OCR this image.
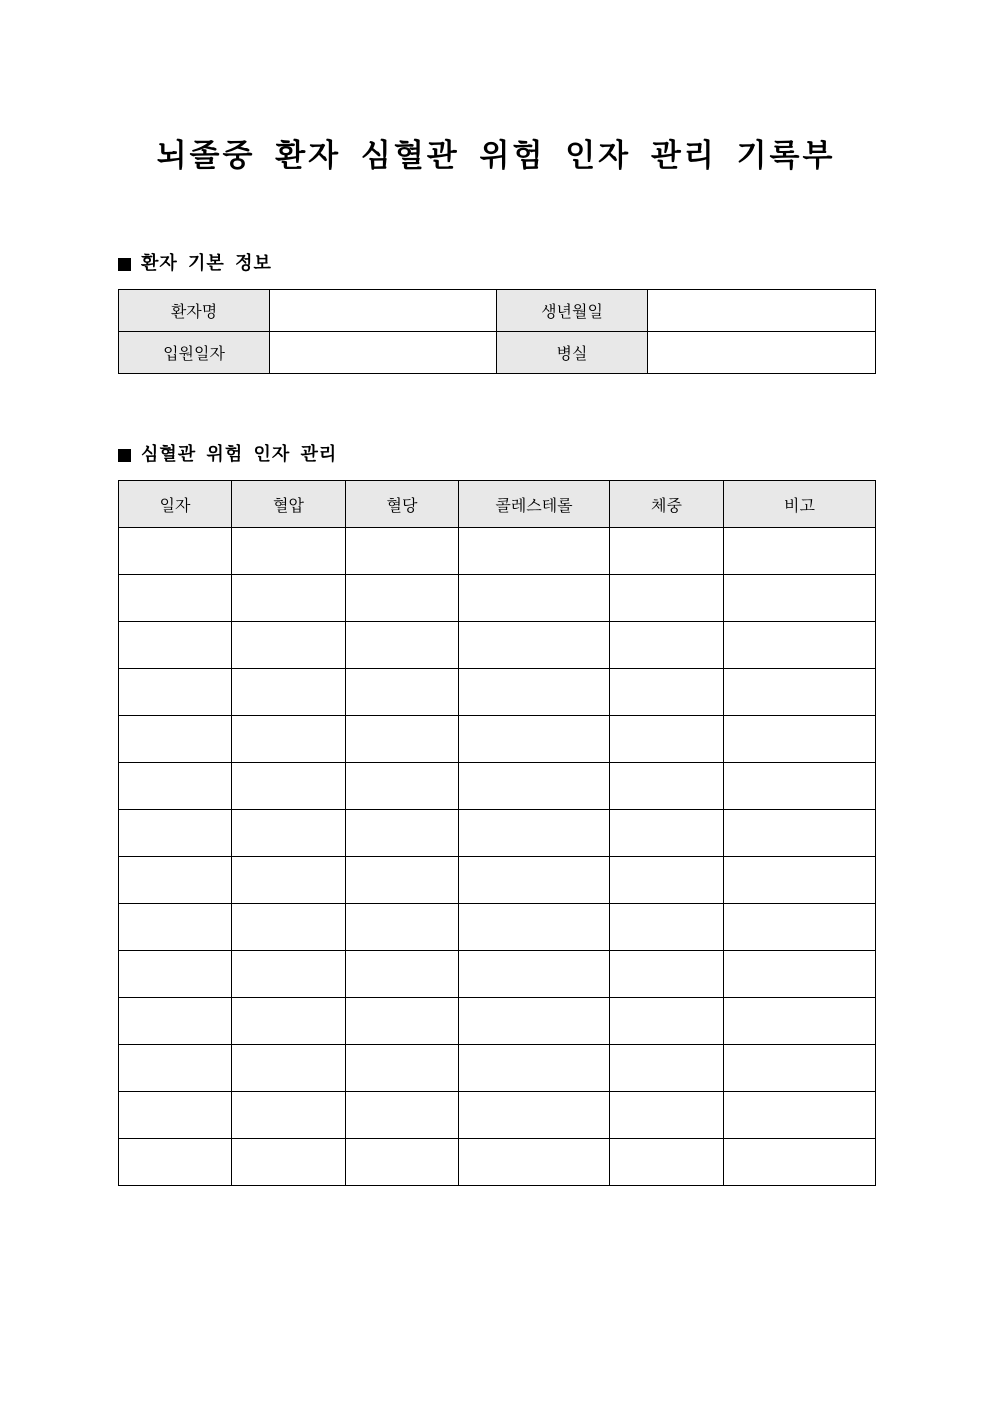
뇌졸중 환자 심혈관 위험 인자 관리 기록부
환자 기본 정보
환자명		생년월일	
입원일자		병실	
심혈관 위험 인자 관리
일자	혈압	혈당	콜레스테롤	체중	비고
